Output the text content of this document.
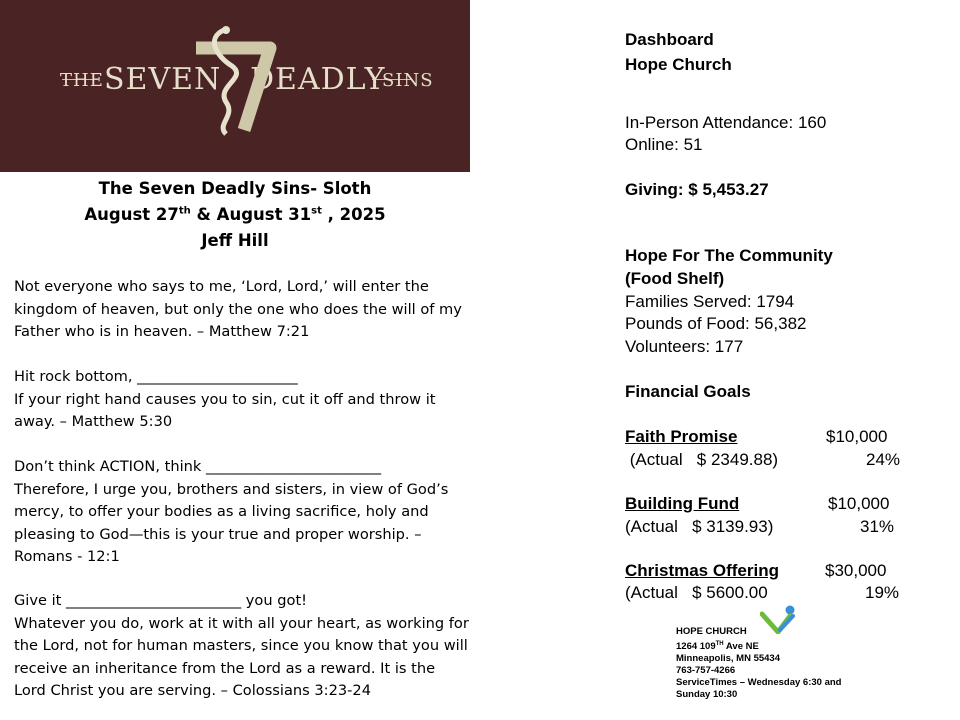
THE SEVEN DEADLY
SINS
The Seven Deadly Sins- Sloth
August 27th & August 31st , 2025
Jeff Hill
Not everyone who says to me, ‘Lord, Lord,’ will enter the kingdom of heaven, but only the one who does the will of my Father who is in heaven. – Matthew 7:21
Hit rock bottom, ______________________
If your right hand causes you to sin, cut it off and throw it away. – Matthew 5:30
Don’t think ACTION, think ________________________
Therefore, I urge you, brothers and sisters, in view of God’s mercy, to offer your bodies as a living sacrifice, holy and pleasing to God—this is your true and proper worship. – Romans - 12:1
Give it ________________________ you got!
Whatever you do, work at it with all your heart, as working for the Lord, not for human masters, since you know that you will receive an inheritance from the Lord as a reward. It is the Lord Christ you are serving. – Colossians 3:23-24
Dashboard
Hope Church
In-Person Attendance: 160
Online: 51
Giving: $ 5,453.27
Hope For The Community
(Food Shelf)
Families Served: 1794
Pounds of Food: 56,382
Volunteers: 177
Financial Goals
Faith Promise	$10,000
(Actual   $ 2349.88)	24%
Building Fund	$10,000
(Actual   $ 3139.93)	31%
Christmas Offering	$30,000
(Actual   $ 5600.00	19%
HOPE CHURCH
1264 109TH Ave NE
Minneapolis, MN 55434
763-757-4266
ServiceTimes – Wednesday 6:30 and
Sunday 10:30
